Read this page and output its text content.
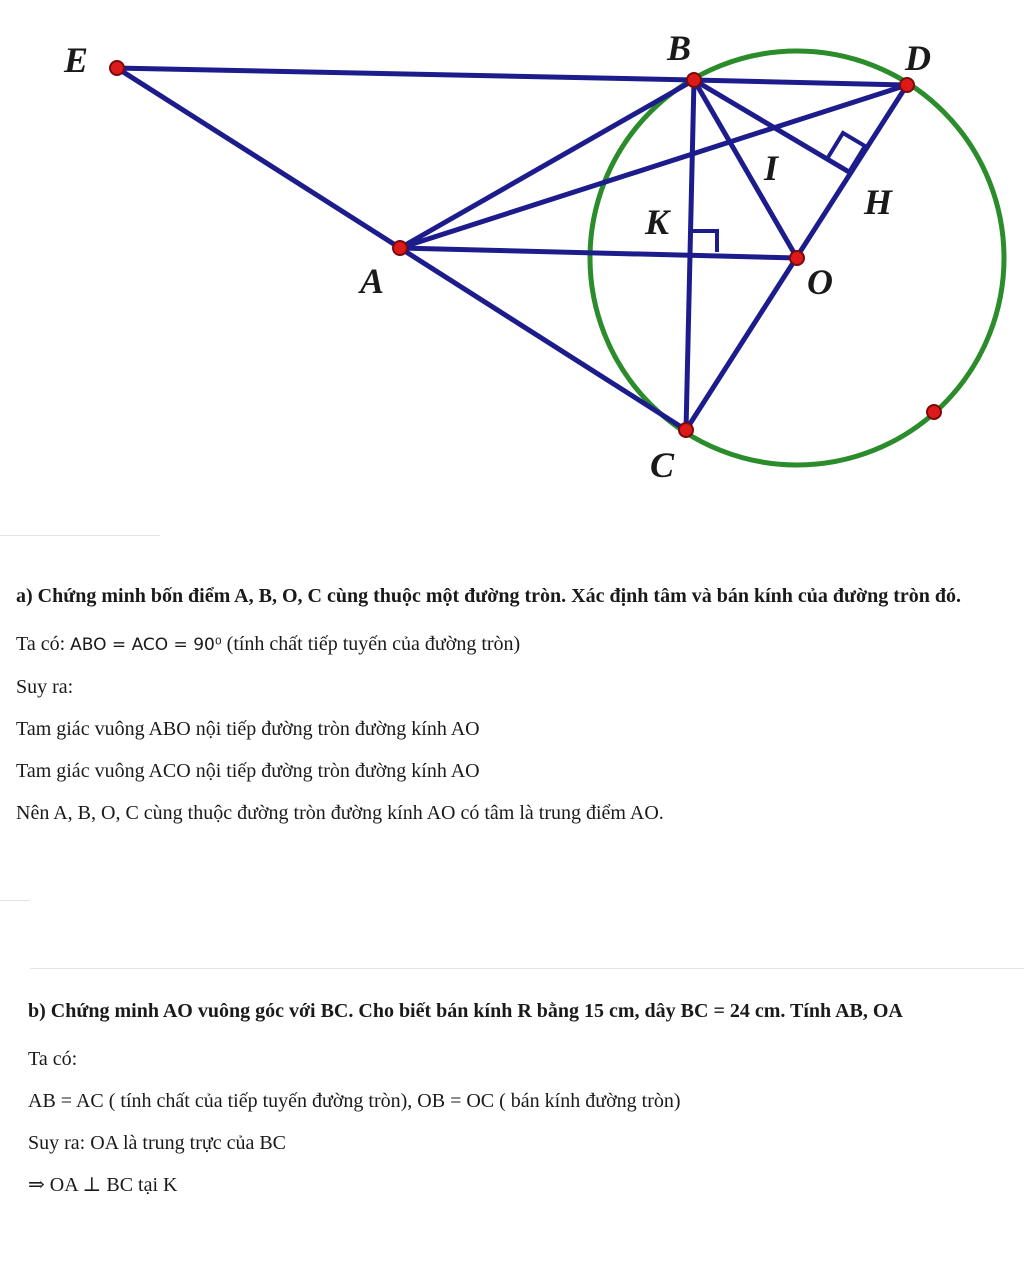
E	B	D
I
H
K
A	O
C

a) Chứng minh bốn điểm A, B, O, C cùng thuộc một đường tròn. Xác định tâm và bán kính của đường tròn đó.

Ta có: ABO = ACO = 90⁰ (tính chất tiếp tuyến của đường tròn)

Suy ra:

Tam giác vuông ABO nội tiếp đường tròn đường kính AO

Tam giác vuông ACO nội tiếp đường tròn đường kính AO

Nên A, B, O, C cùng thuộc đường tròn đường kính AO có tâm là trung điểm AO.

b) Chứng minh AO vuông góc với BC. Cho biết bán kính R bằng 15 cm, dây BC = 24 cm. Tính AB, OA

Ta có:

AB = AC ( tính chất của tiếp tuyến đường tròn), OB = OC ( bán kính đường tròn)

Suy ra: OA là trung trực của BC

⇒ OA ⊥ BC tại K
